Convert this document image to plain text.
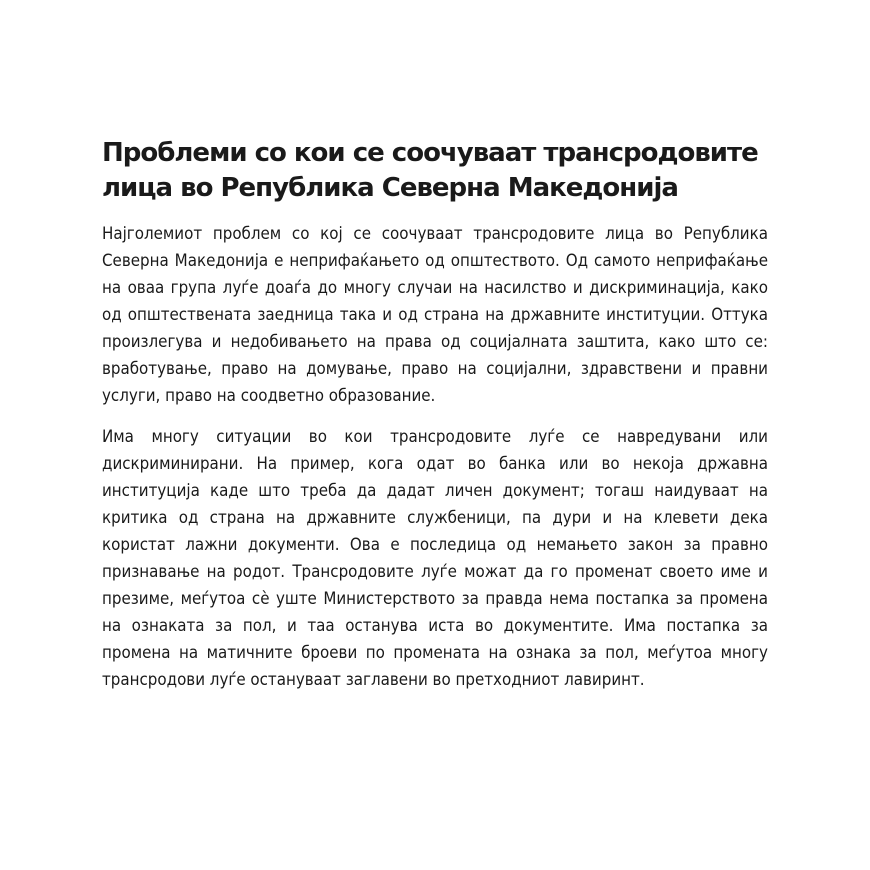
Проблеми со кои се соочуваат трансродовите лица во Република Северна Македонија

Најголемиот проблем со кој се соочуваат трансродовите лица во Република Северна Македонија е неприфаќањето од општеството. Од самото неприфаќање на оваа група луѓе доаѓа до многу случаи на насилство и дискриминација, како од општествената заедница така и од страна на државните институции. Оттука произлегува и недобивањето на права од социјалната заштита, како што се: вработување, право на домување, право на социјални, здравствени и правни услуги, право на соодветно образование.

Има многу ситуации во кои трансродовите луѓе се навредувани или дискриминирани. На пример, кога одат во банка или во некоја државна институција каде што треба да дадат личен документ; тогаш наидуваат на критика од страна на државните службеници, па дури и на клевети дека користат лажни документи. Ова е последица од немањето закон за правно признавање на родот. Трансродовите луѓе можат да го променат своето име и презиме, меѓутоа сè уште Министерството за правда нема постапка за промена на ознаката за пол, и таа останува иста во документите. Има постапка за промена на матичните броеви по промената на ознака за пол, меѓутоа многу трансродови луѓе остануваат заглавени во претходниот лавиринт.
